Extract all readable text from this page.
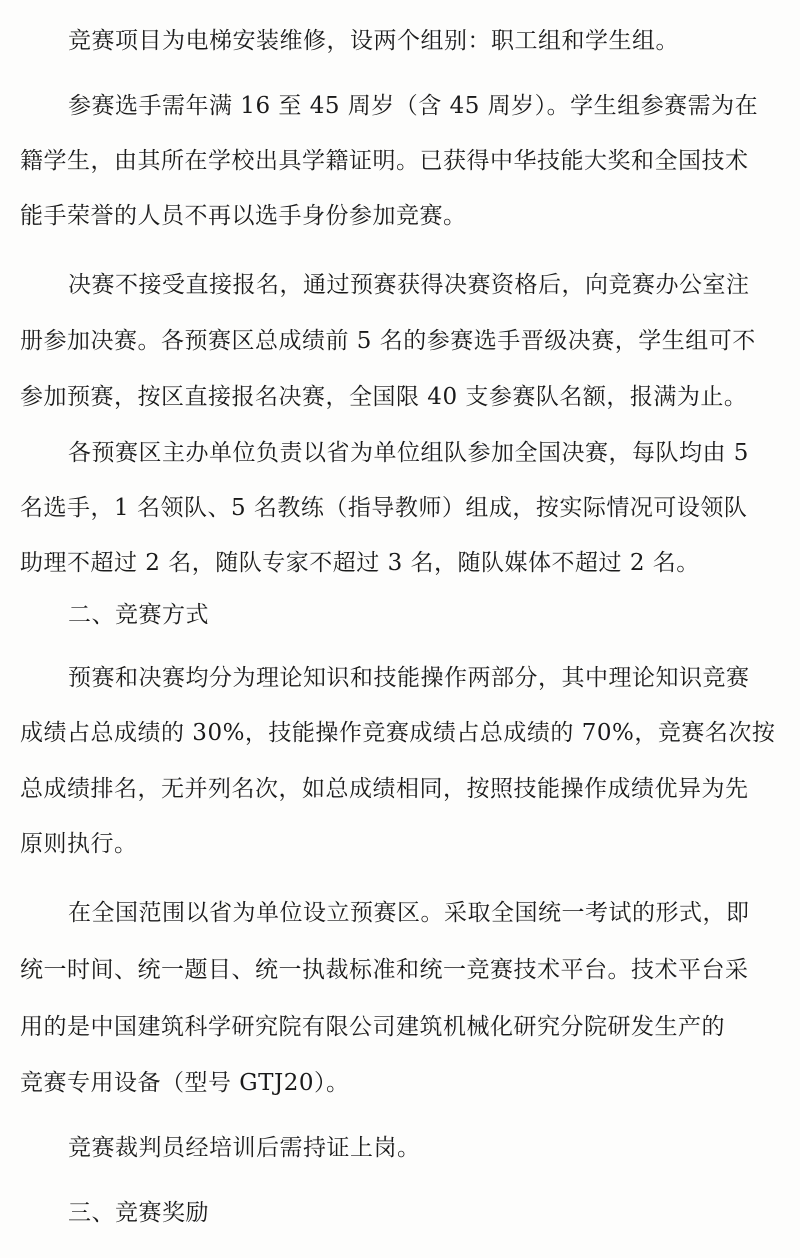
竞赛项目为电梯安装维修，设两个组别：职工组和学生组。
参赛选手需年满 16 至 45 周岁（含 45 周岁）。学生组参赛需为在
籍学生，由其所在学校出具学籍证明。已获得中华技能大奖和全国技术
能手荣誉的人员不再以选手身份参加竞赛。
决赛不接受直接报名，通过预赛获得决赛资格后，向竞赛办公室注
册参加决赛。各预赛区总成绩前 5 名的参赛选手晋级决赛，学生组可不
参加预赛，按区直接报名决赛，全国限 40 支参赛队名额，报满为止。
各预赛区主办单位负责以省为单位组队参加全国决赛，每队均由 5
名选手，1 名领队、5 名教练（指导教师）组成，按实际情况可设领队
助理不超过 2 名，随队专家不超过 3 名，随队媒体不超过 2 名。
二、竞赛方式
预赛和决赛均分为理论知识和技能操作两部分，其中理论知识竞赛
成绩占总成绩的 30%，技能操作竞赛成绩占总成绩的 70%，竞赛名次按
总成绩排名，无并列名次，如总成绩相同，按照技能操作成绩优异为先
原则执行。
在全国范围以省为单位设立预赛区。采取全国统一考试的形式，即
统一时间、统一题目、统一执裁标准和统一竞赛技术平台。技术平台采
用的是中国建筑科学研究院有限公司建筑机械化研究分院研发生产的
竞赛专用设备（型号 GTJ20）。
竞赛裁判员经培训后需持证上岗。
三、竞赛奖励
